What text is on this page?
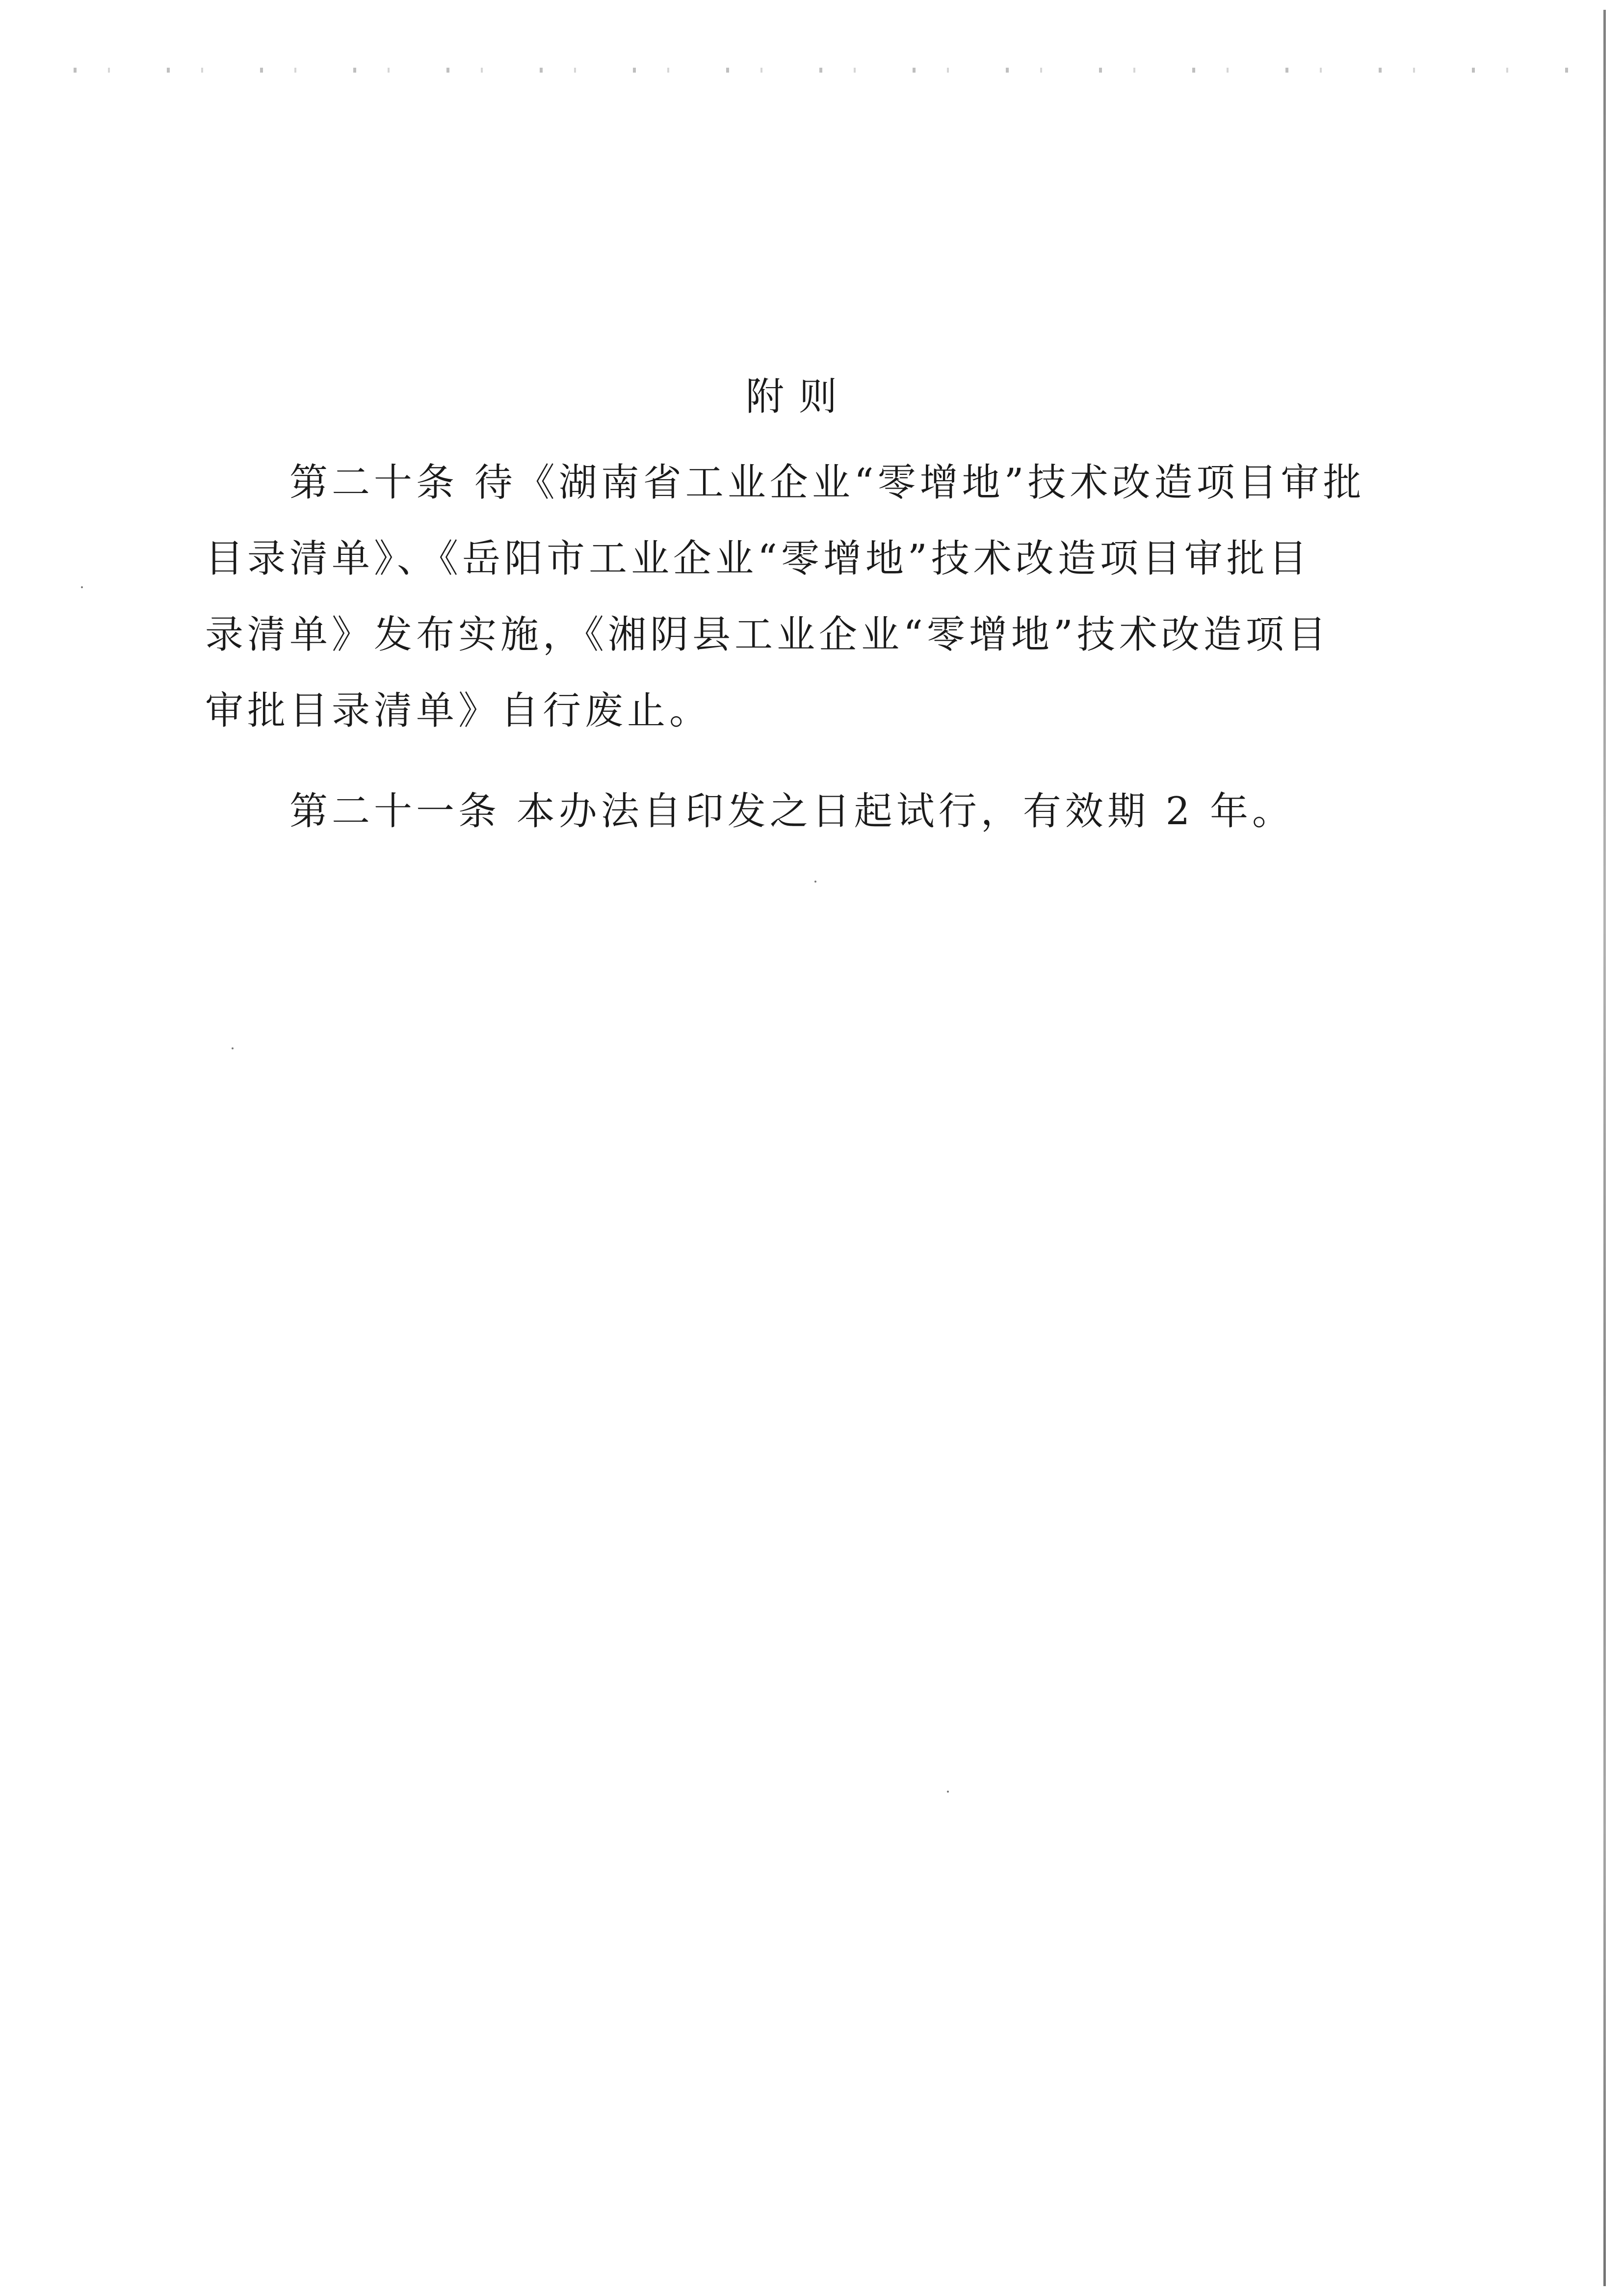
附则
第二十条 待《湖南省工业企业“零增地”技术改造项目审批
目录清单》、《岳阳市工业企业“零增地”技术改造项目审批目
录清单》发布实施，《湘阴县工业企业“零增地”技术改造项目
审批目录清单》自行废止。
第二十一条 本办法自印发之日起试行，有效期 2 年。
